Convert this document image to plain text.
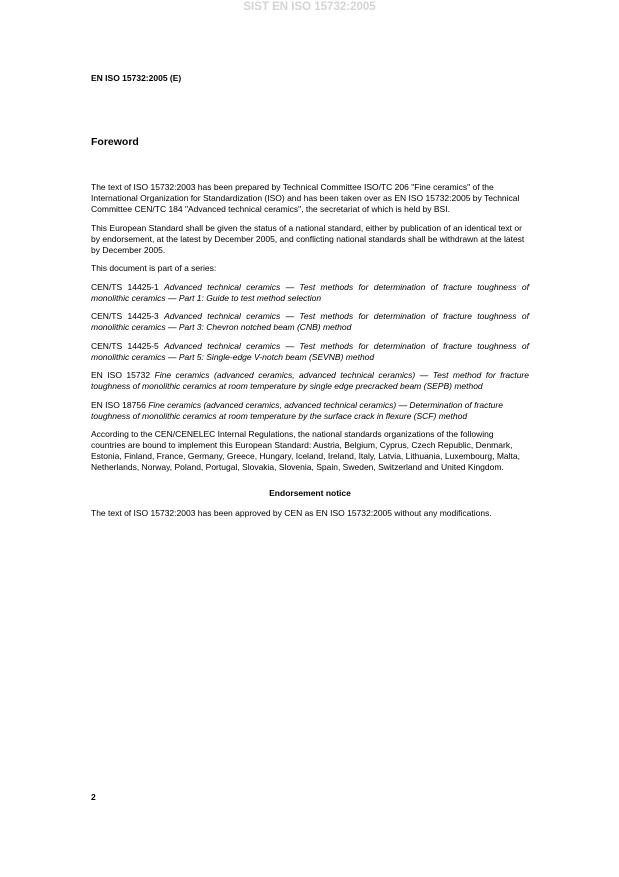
SIST EN ISO 15732:2005
EN ISO 15732:2005 (E)
Foreword

The text of ISO 15732:2003 has been prepared by Technical Committee ISO/TC 206 "Fine ceramics" of the International Organization for Standardization (ISO) and has been taken over as EN ISO 15732:2005 by Technical Committee CEN/TC 184 "Advanced technical ceramics", the secretariat of which is held by BSI.

This European Standard shall be given the status of a national standard, either by publication of an identical text or by endorsement, at the latest by December 2005, and conflicting national standards shall be withdrawn at the latest by December 2005.

This document is part of a series:

CEN/TS 14425-1 Advanced technical ceramics — Test methods for determination of fracture toughness of monolithic ceramics — Part 1: Guide to test method selection

CEN/TS 14425-3 Advanced technical ceramics — Test methods for determination of fracture toughness of monolithic ceramics — Part 3: Chevron notched beam (CNB) method

CEN/TS 14425-5 Advanced technical ceramics — Test methods for determination of fracture toughness of monolithic ceramics — Part 5: Single-edge V-notch beam (SEVNB) method

EN ISO 15732 Fine ceramics (advanced ceramics, advanced technical ceramics) — Test method for fracture toughness of monolithic ceramics at room temperature by single edge precracked beam (SEPB) method

EN ISO 18756 Fine ceramics (advanced ceramics, advanced technical ceramics) — Determination of fracture toughness of monolithic ceramics at room temperature by the surface crack in flexure (SCF) method

According to the CEN/CENELEC Internal Regulations, the national standards organizations of the following countries are bound to implement this European Standard: Austria, Belgium, Cyprus, Czech Republic, Denmark, Estonia, Finland, France, Germany, Greece, Hungary, Iceland, Ireland, Italy, Latvia, Lithuania, Luxembourg, Malta, Netherlands, Norway, Poland, Portugal, Slovakia, Slovenia, Spain, Sweden, Switzerland and United Kingdom.

Endorsement notice

The text of ISO 15732:2003 has been approved by CEN as EN ISO 15732:2005 without any modifications.

2
